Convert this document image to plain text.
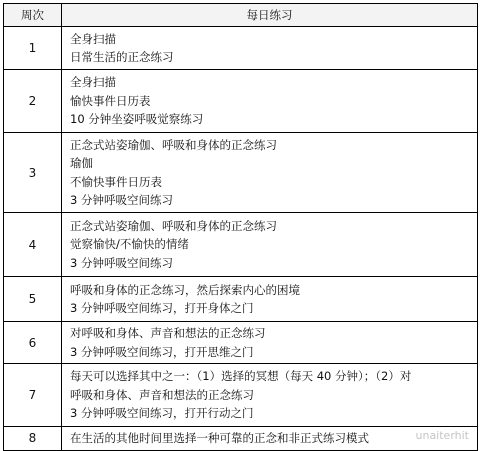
周次	每日练习
1	全身扫描
日常生活的正念练习

2	全身扫描
愉快事件日历表
10 分钟坐姿呼吸觉察练习

3	正念式站姿瑜伽、呼吸和身体的正念练习
瑜伽
不愉快事件日历表
3 分钟呼吸空间练习

4	正念式站姿瑜伽、呼吸和身体的正念练习
觉察愉快/不愉快的情绪
3 分钟呼吸空间练习

5	呼吸和身体的正念练习，然后探索内心的困境
3 分钟呼吸空间练习，打开身体之门

6	对呼吸和身体、声音和想法的正念练习
3 分钟呼吸空间练习，打开思维之门

7	每天可以选择其中之一：（1）选择的冥想（每天 40 分钟）；（2）对
呼吸和身体、声音和想法的正念练习
3 分钟呼吸空间练习，打开行动之门

8	在生活的其他时间里选择一种可靠的正念和非正式练习模式	unaiterhit
